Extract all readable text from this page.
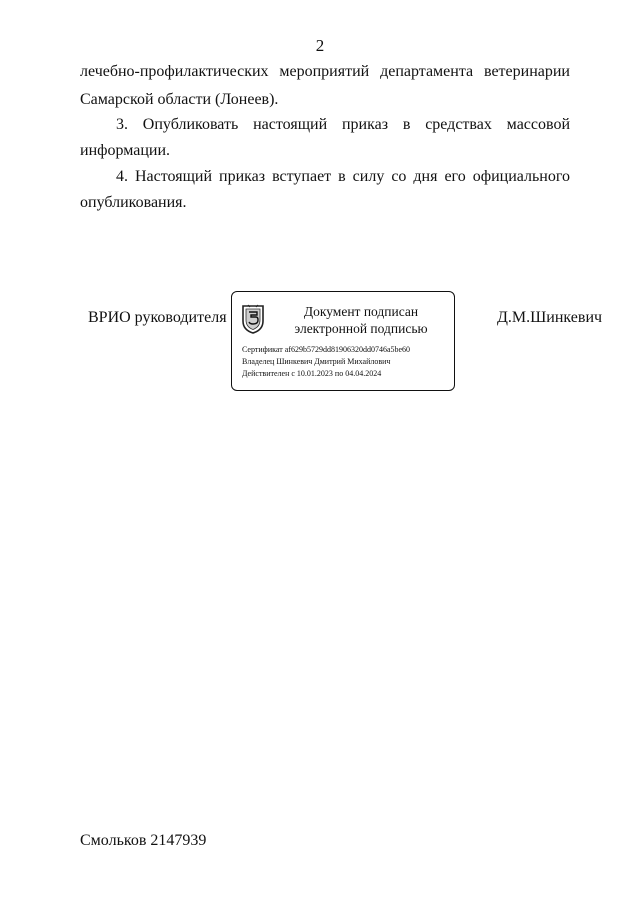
2
лечебно-профилактических мероприятий департамента ветеринарии
Самарской области (Лонеев).
3. Опубликовать настоящий приказ в средствах массовой
информации.
4. Настоящий приказ вступает в силу со дня его официального
опубликования.
ВРИО руководителя	Д.М.Шинкевич
Документ подписан
электронной подписью
Сертификат af629b5729dd81906320dd0746a5be60
Владелец Шинкевич Дмитрий Михайлович
Действителен с 10.01.2023 по 04.04.2024
Смольков 2147939
